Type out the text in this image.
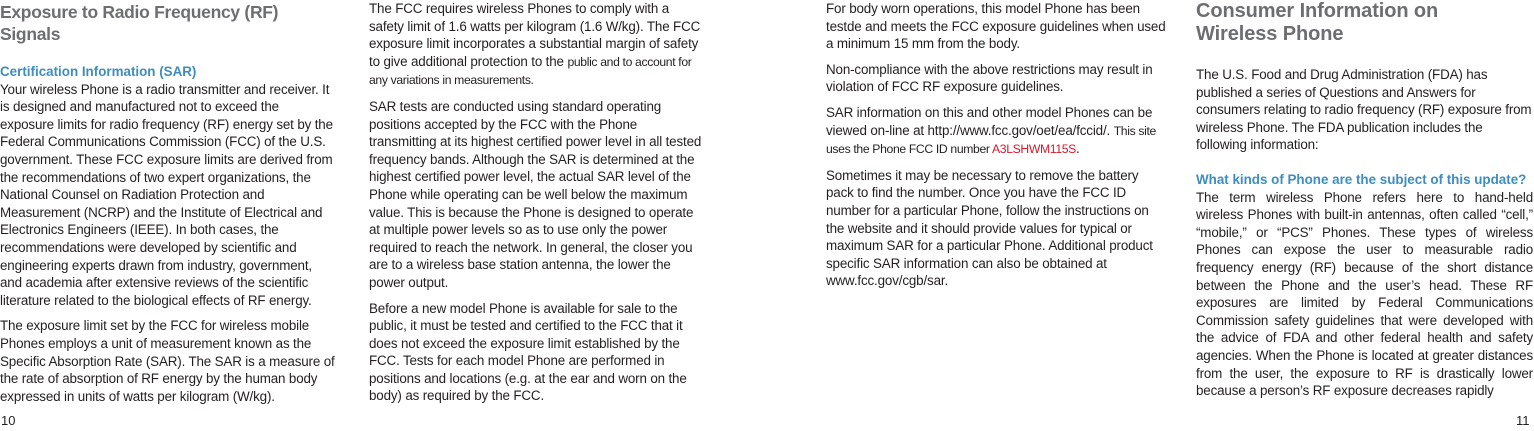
Exposure to Radio Frequency (RF) Signals
Certification Information (SAR)

Your wireless Phone is a radio transmitter and receiver. It is designed and manufactured not to exceed the exposure limits for radio frequency (RF) energy set by the Federal Communications Commission (FCC) of the U.S. government. These FCC exposure limits are derived from the recommendations of two expert organizations, the National Counsel on Radiation Protection and Measurement (NCRP) and the Institute of Electrical and Electronics Engineers (IEEE). In both cases, the recommendations were developed by scientific and engineering experts drawn from industry, government, and academia after extensive reviews of the scientific literature related to the biological effects of RF energy.

The exposure limit set by the FCC for wireless mobile Phones employs a unit of measurement known as the Specific Absorption Rate (SAR). The SAR is a measure of the rate of absorption of RF energy by the human body expressed in units of watts per kilogram (W/kg).

The FCC requires wireless Phones to comply with a safety limit of 1.6 watts per kilogram (1.6 W/kg). The FCC exposure limit incorporates a substantial margin of safety to give additional protection to the public and to account for any variations in measurements.

SAR tests are conducted using standard operating positions accepted by the FCC with the Phone transmitting at its highest certified power level in all tested frequency bands. Although the SAR is determined at the highest certified power level, the actual SAR level of the Phone while operating can be well below the maximum value. This is because the Phone is designed to operate at multiple power levels so as to use only the power required to reach the network. In general, the closer you are to a wireless base station antenna, the lower the power output.

Before a new model Phone is available for sale to the public, it must be tested and certified to the FCC that it does not exceed the exposure limit established by the FCC. Tests for each model Phone are performed in positions and locations (e.g. at the ear and worn on the body) as required by the FCC.

For body worn operations, this model Phone has been testde and meets the FCC exposure guidelines when used a minimum 15 mm from the body.

Non-compliance with the above restrictions may result in violation of FCC RF exposure guidelines.

SAR information on this and other model Phones can be viewed on-line at http://www.fcc.gov/oet/ea/fccid/. This site uses the Phone FCC ID number A3LSHWM115S.

Sometimes it may be necessary to remove the battery pack to find the number. Once you have the FCC ID number for a particular Phone, follow the instructions on the website and it should provide values for typical or maximum SAR for a particular Phone. Additional product specific SAR information can also be obtained at www.fcc.gov/cgb/sar.

Consumer Information on
Wireless Phone

The U.S. Food and Drug Administration (FDA) has published a series of Questions and Answers for consumers relating to radio frequency (RF) exposure from wireless Phone. The FDA publication includes the following information:

What kinds of Phone are the subject of this update?

The term wireless Phone refers here to hand-held wireless Phones with built-in antennas, often called “cell,” “mobile,” or “PCS” Phones. These types of wireless Phones can expose the user to measurable radio frequency energy (RF) because of the short distance between the Phone and the user’s head. These RF exposures are limited by Federal Communications Commission safety guidelines that were developed with the advice of FDA and other federal health and safety agencies. When the Phone is located at greater distances from the user, the exposure to RF is drastically lower because a person’s RF exposure decreases rapidly

10	11
